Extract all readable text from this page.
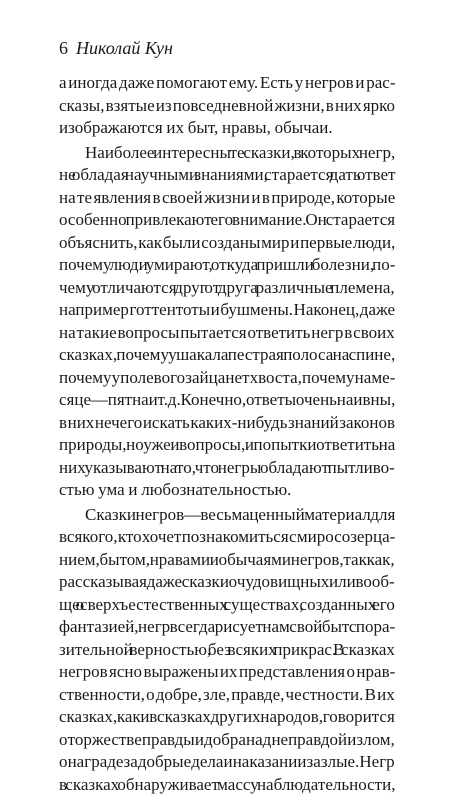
6 Николай Кун
а иногда даже помогают ему. Есть у негров и рас-
сказы, взятые из повседневной жизни, в них ярко
изображаются их быт, нравы, обычаи.
Наиболее интересны те сказки, в которых негр,
не обладая научными знаниями, старается дать ответ
на те явления в своей жизни и в природе, которые
особенно привлекают его внимание. Он старается
объяснить, как были созданы мир и первые люди,
почему люди умирают, откуда пришли болезни, по-
чему отличаются друг от друга различные племена,
например готтентоты и бушмены. Наконец, даже
на такие вопросы пытается ответить негр в своих
сказках, почему у шакала пестрая полоса на спине,
почему у полевого зайца нет хвоста, почему на ме-
сяце — пятна и т. д. Конечно, ответы очень наивны,
в них нечего искать каких-нибудь знаний законов
природы, но уже и вопросы, и попытки ответить на
них указывают на то, что негры обладают пытливо-
стью ума и любознательностью.
Сказки негров — весьма ценный материал для
всякого, кто хочет познакомиться с миросозерца-
нием, бытом, нравами и обычаями негров, так как,
рассказывая даже сказки о чудовищных или вооб-
ще о сверхъестественных существах, созданных его
фантазией, негр всегда рисует нам свой быт с пора-
зительной верностью, без всяких прикрас. В сказках
негров ясно выражены их представления о нрав-
ственности, о добре, зле, правде, честности. В их
сказках, как и в сказках других народов, говорится
о торжестве правды и добра над неправдой и злом,
о награде за добрые дела и наказании за злые. Негр
в сказках обнаруживает массу наблюдательности,
